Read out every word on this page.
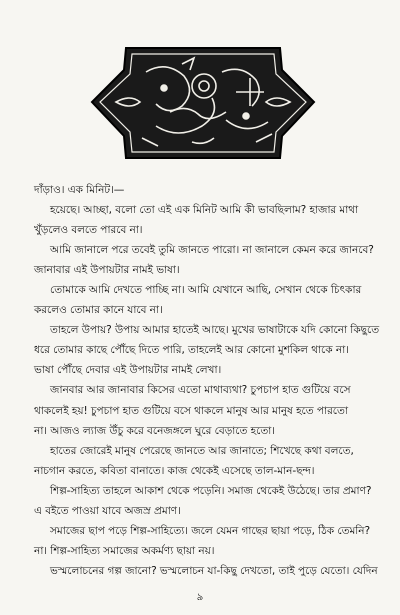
দাঁড়াও। এক মিনিট।—
হয়েছে। আচ্ছা, বলো তো এই এক মিনিট আমি কী ভাবছিলাম? হাজার মাথা
খুঁড়লেও বলতে পারবে না।
আমি জানালে পরে তবেই তুমি জানতে পারো। না জানালে কেমন করে জানবে?
জানাবার এই উপায়টার নামই ভাষা।
তোমাকে আমি দেখতে পাচ্ছি না। আমি যেখানে আছি, সেখান থেকে চিৎকার
করলেও তোমার কানে যাবে না।
তাহলে উপায়? উপায় আমার হাতেই আছে। মুখের ভাষাটাকে যদি কোনো কিছুতে
ধরে তোমার কাছে পৌঁছে দিতে পারি, তাহলেই আর কোনো মুশকিল থাকে না।
ভাষা পৌঁছে দেবার এই উপায়টার নামই লেখা।
জানবার আর জানাবার কিসের এতো মাথাব্যথা? চুপচাপ হাত গুটিয়ে বসে
থাকলেই হয়! চুপচাপ হাত গুটিয়ে বসে থাকলে মানুষ আর মানুষ হতে পারতো
না। আজও ল্যাজ উঁচু করে বনেজঙ্গলে ঘুরে বেড়াতে হতো।
হাতের জোরেই মানুষ পেরেছে জানতে আর জানাতে; শিখেছে কথা বলতে,
নাচগান করতে, কবিতা বানাতে। কাজ থেকেই এসেছে তাল-মান-ছন্দ।
শিল্প-সাহিত্য তাহলে আকাশ থেকে পড়েনি। সমাজ থেকেই উঠেছে। তার প্রমাণ?
এ বইতে পাওয়া যাবে অজস্র প্রমাণ।
সমাজের ছাপ পড়ে শিল্প-সাহিত্যে। জলে যেমন গাছের ছায়া পড়ে, ঠিক তেমনি?
না। শিল্প-সাহিত্য সমাজের অকর্মণ্য ছায়া নয়।
ভস্মলোচনের গল্প জানো? ভস্মলোচন যা-কিছু দেখতো, তাই পুড়ে যেতো। যেদিন
৯
